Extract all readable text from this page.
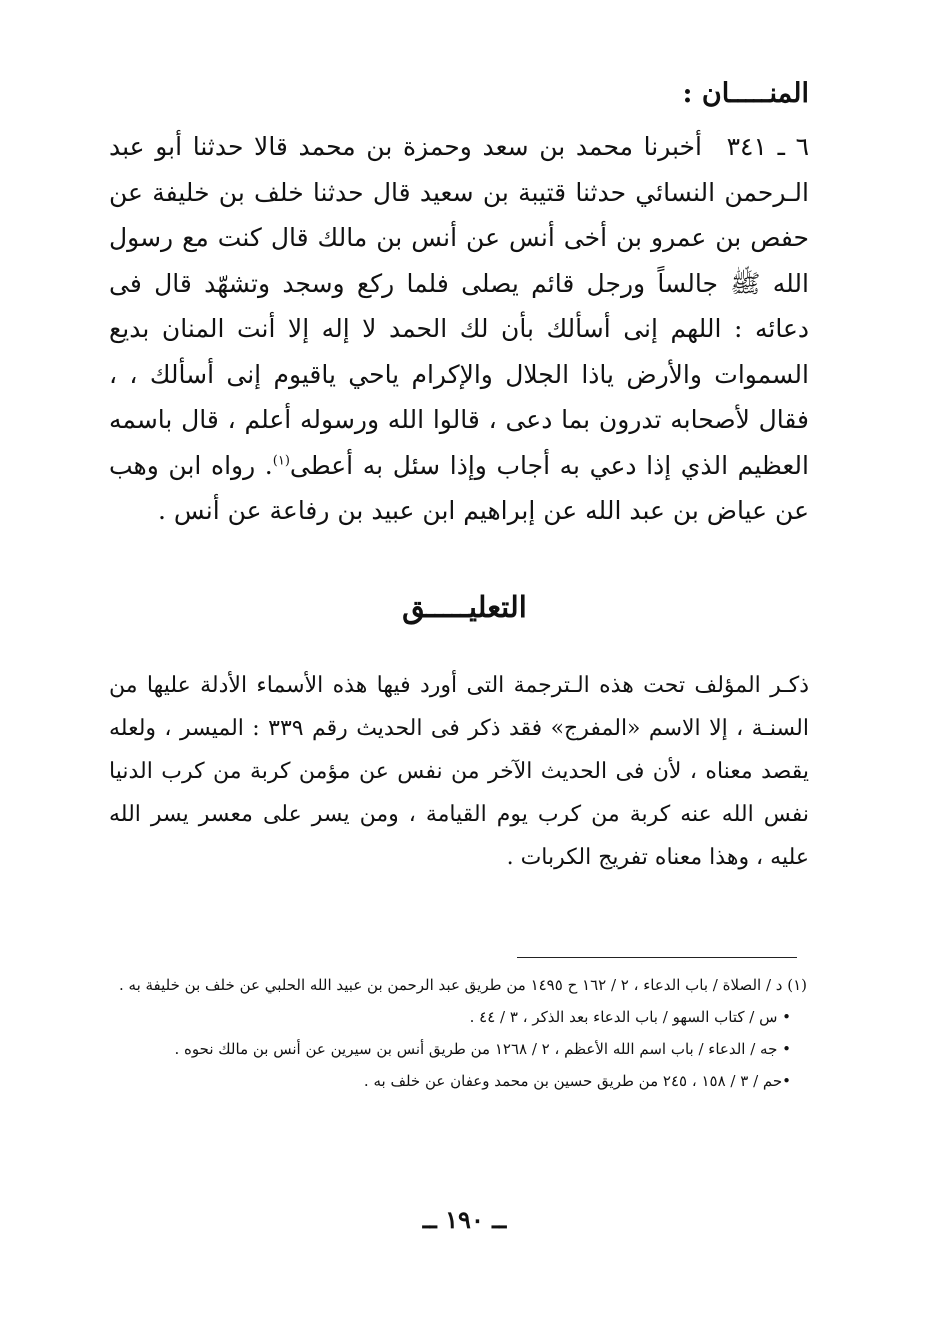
المنـــــان :
٦ ـ ٣٤١ أخبرنا محمد بن سعد وحمزة بن محمد قالا حدثنا أبو عبد الـرحمن النسائي حدثنا قتيبة بن سعيد قال حدثنا خلف بن خليفة عن حفص بن عمرو بن أخى أنس عن أنس بن مالك قال كنت مع رسول الله ﷺ جالساً ورجل قائم يصلى فلما ركع وسجد وتشهّد قال فى دعائه : اللهم إنى أسألك بأن لك الحمد لا إله إلا أنت المنان بديع السموات والأرض ياذا الجلال والإكرام ياحي ياقيوم إنى أسألك ، ، فقال لأصحابه تدرون بما دعى ، قالوا الله ورسوله أعلم ، قال باسمه العظيم الذي إذا دعي به أجاب وإذا سئل به أعطى$^{(١)}$. رواه ابن وهب عن عياض بن عبد الله عن إبراهيم ابن عبيد بن رفاعة عن أنس .
التعليـــــق
ذكـر المؤلف تحت هذه الـترجمة التى أورد فيها هذه الأسماء الأدلة عليها من السنـة ، إلا الاسم «المفرج» فقد ذكر فى الحديث رقم ٣٣٩ : الميسر ، ولعله يقصد معناه ، لأن فى الحديث الآخر من نفس عن مؤمن كربة من كرب الدنيا نفس الله عنه كربة من كرب يوم القيامة ، ومن يسر على معسر يسر الله عليه ، وهذا معناه تفريج الكربات .
(١) د / الصلاة / باب الدعاء ، ٢ / ١٦٢ ح ١٤٩٥ من طريق عبد الرحمن بن عبيد الله الحلبي عن خلف بن خليفة به .
• س / كتاب السهو / باب الدعاء بعد الذكر ، ٣ / ٤٤ .
• جه / الدعاء / باب اسم الله الأعظم ، ٢ / ١٢٦٨ من طريق أنس بن سيرين عن أنس بن مالك نحوه .
•حم / ٣ / ١٥٨ ، ٢٤٥ من طريق حسين بن محمد وعفان عن خلف به .
ــ ١٩٠ ــ
